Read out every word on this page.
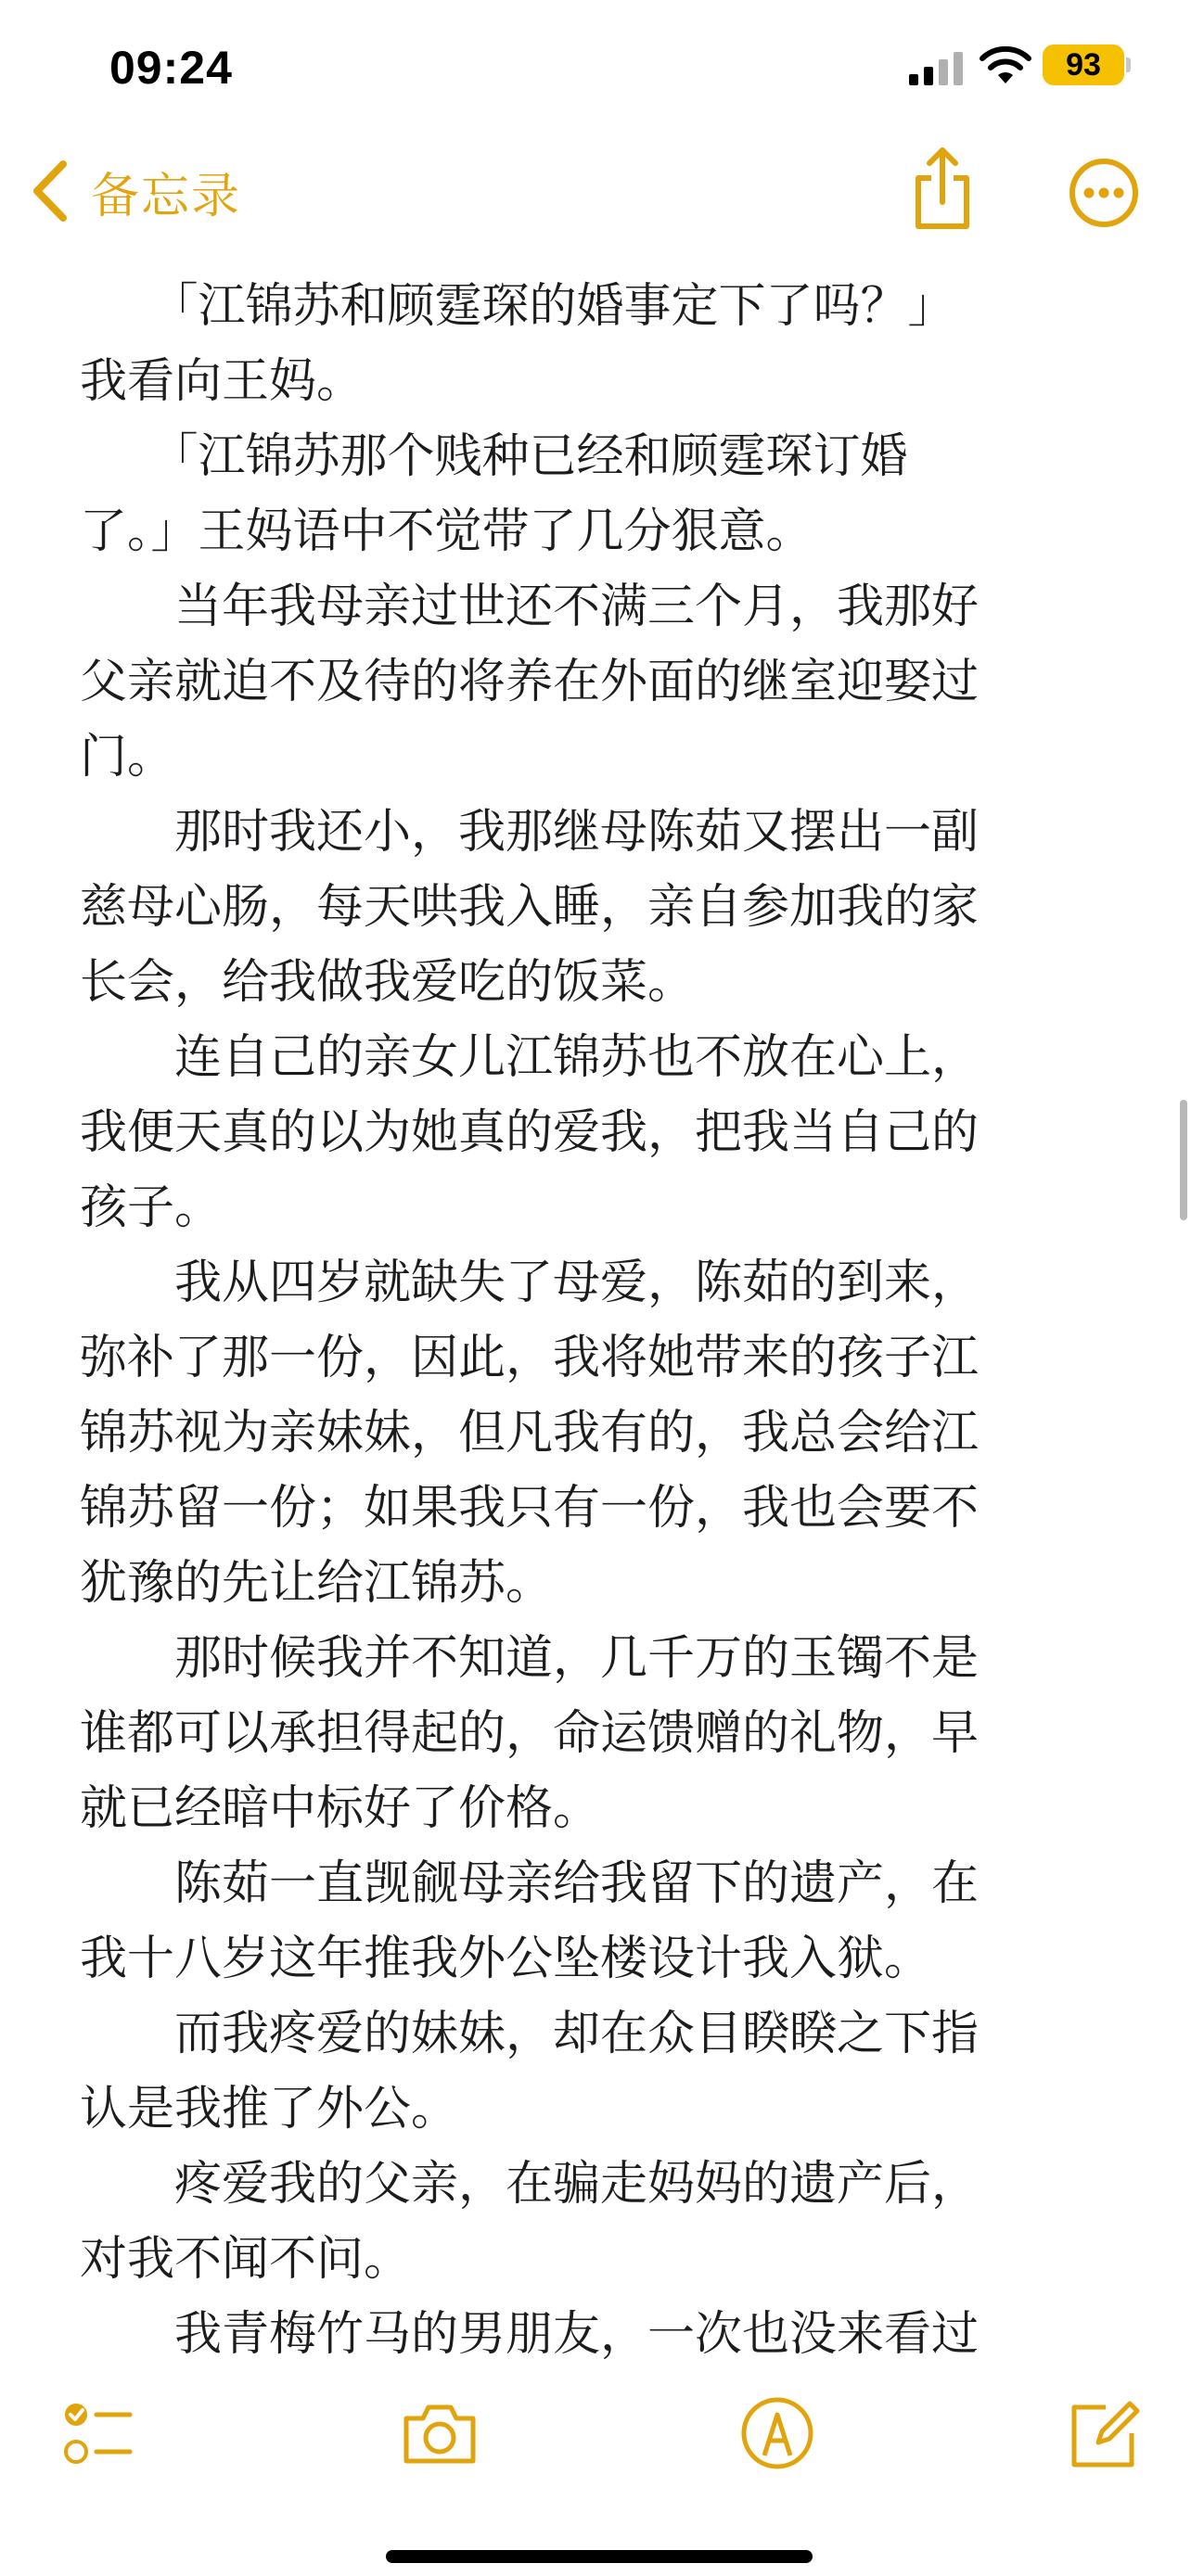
09:24	93

备忘录
　　「江锦苏和顾霆琛的婚事定下了吗？」
我看向王妈。
　　「江锦苏那个贱种已经和顾霆琛订婚
了。」王妈语中不觉带了几分狠意。
　　当年我母亲过世还不满三个月，我那好
父亲就迫不及待的将养在外面的继室迎娶过
门。
　　那时我还小，我那继母陈茹又摆出一副
慈母心肠，每天哄我入睡，亲自参加我的家
长会，给我做我爱吃的饭菜。
　　连自己的亲女儿江锦苏也不放在心上，
我便天真的以为她真的爱我，把我当自己的
孩子。
　　我从四岁就缺失了母爱，陈茹的到来，
弥补了那一份，因此，我将她带来的孩子江
锦苏视为亲妹妹，但凡我有的，我总会给江
锦苏留一份；如果我只有一份，我也会要不
犹豫的先让给江锦苏。
　　那时候我并不知道，几千万的玉镯不是
谁都可以承担得起的，命运馈赠的礼物，早
就已经暗中标好了价格。
　　陈茹一直觊觎母亲给我留下的遗产，在
我十八岁这年推我外公坠楼设计我入狱。
　　而我疼爱的妹妹，却在众目睽睽之下指
认是我推了外公。
　　疼爱我的父亲，在骗走妈妈的遗产后，
对我不闻不问。
　　我青梅竹马的男朋友，一次也没来看过
